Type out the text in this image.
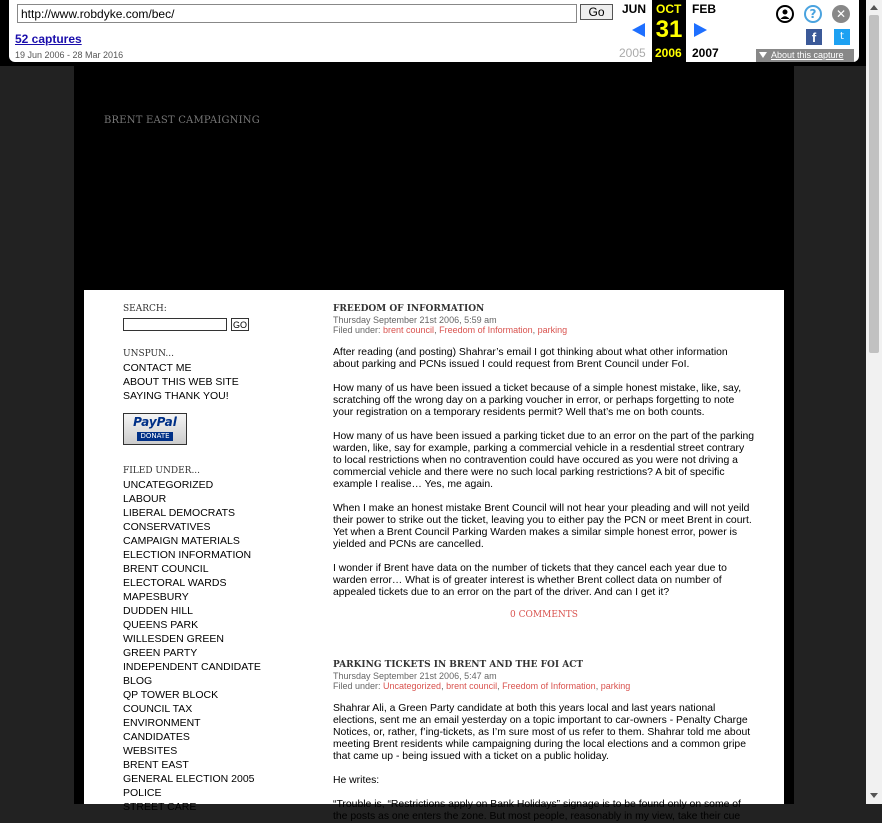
http://www.robdyke.com/bec/
Go
52 captures
19 Jun 2006 - 28 Mar 2016
JUN
2005
OCT
31
2006
FEB
2007
?	✕
f	t
About this capture
BRENT EAST CAMPAIGNING
SEARCH:
GO
UNSPUN...
CONTACT ME
ABOUT THIS WEB SITE
SAYING THANK YOU!
PayPal
DONATE
FILED UNDER...
UNCATEGORIZED
LABOUR
LIBERAL DEMOCRATS
CONSERVATIVES
CAMPAIGN MATERIALS
ELECTION INFORMATION
BRENT COUNCIL
ELECTORAL WARDS
MAPESBURY
DUDDEN HILL
QUEENS PARK
WILLESDEN GREEN
GREEN PARTY
INDEPENDENT CANDIDATE
BLOG
QP TOWER BLOCK
COUNCIL TAX
ENVIRONMENT
CANDIDATES
WEBSITES
BRENT EAST
GENERAL ELECTION 2005
POLICE
STREET CARE
FREEDOM OF INFORMATION
Thursday September 21st 2006, 5:59 am
Filed under: brent council, Freedom of Information, parking

After reading (and posting) Shahrar’s email I got thinking about what other information about parking and PCNs issued I could request from Brent Council under FoI.

How many of us have been issued a ticket because of a simple honest mistake, like, say, scratching off the wrong day on a parking voucher in error, or perhaps forgetting to note your registration on a temporary residents permit? Well that’s me on both counts.

How many of us have been issued a parking ticket due to an error on the part of the parking warden, like, say for example, parking a commercial vehicle in a resdential street contrary to local restrictions when no contravention could have occured as you were not driving a commercial vehicle and there were no such local parking restrictions? A bit of specific example I realise… Yes, me again.

When I make an honest mistake Brent Council will not hear your pleading and will not yeild their power to strike out the ticket, leaving you to either pay the PCN or meet Brent in court. Yet when a Brent Council Parking Warden makes a similar simple honest error, power is yielded and PCNs are cancelled.

I wonder if Brent have data on the number of tickets that they cancel each year due to warden error… What is of greater interest is whether Brent collect data on number of appealed tickets due to an error on the part of the driver. And can I get it?

0 COMMENTS
PARKING TICKETS IN BRENT AND THE FOI ACT
Thursday September 21st 2006, 5:47 am
Filed under: Uncategorized, brent council, Freedom of Information, parking

Shahrar Ali, a Green Party candidate at both this years local and last years national elections, sent me an email yesterday on a topic important to car-owners - Penalty Charge Notices, or, rather, f’ing-tickets, as I’m sure most of us refer to them. Shahrar told me about meeting Brent residents while campaigning during the local elections and a common gripe that came up - being issued with a ticket on a public holiday.

He writes:

“Trouble is, “Restrictions apply on Bank Holidays” signage is to be found only on some of the posts as one enters the zone. But most people, reasonably in my view, take their cue
